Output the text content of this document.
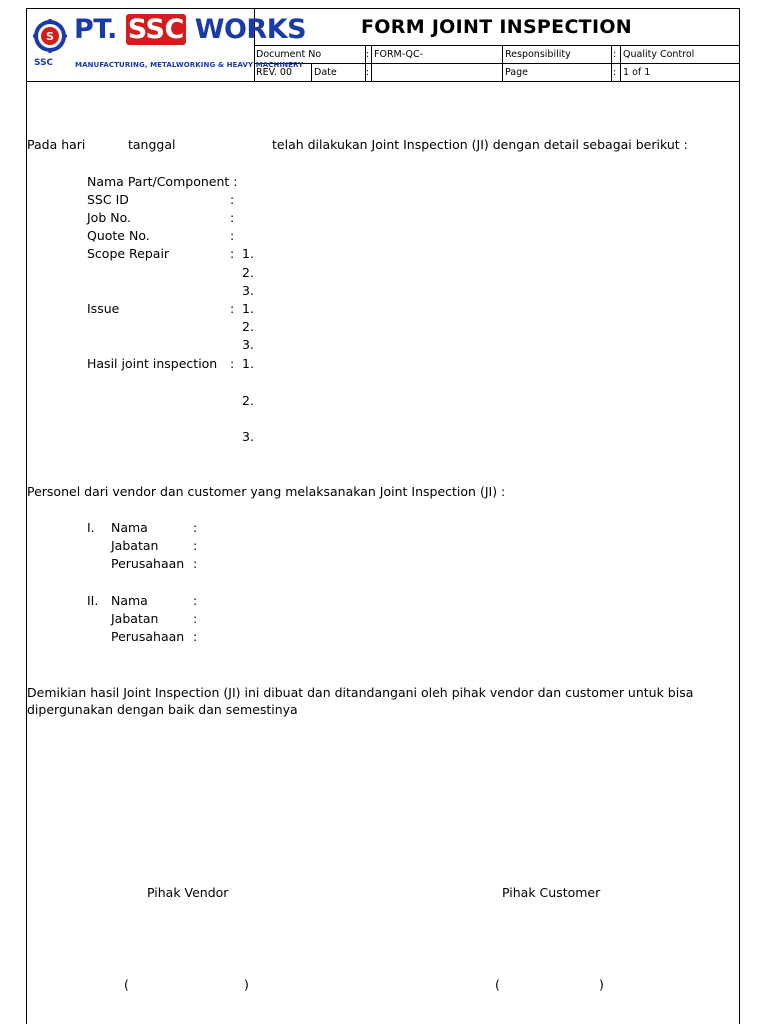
S
SSC
PT. SSC WORKS
MANUFACTURING, METALWORKING & HEAVY MACHINERY
FORM JOINT INSPECTION
Document No	: FORM-QC-	Responsibility	: Quality Control
REV. 00 Date	:	Page	: 1 of 1
Pada hari	tanggal	telah dilakukan Joint Inspection (JI) dengan detail sebagai berikut :
Nama Part/Component :
SSC ID	:
Job No.	:
Quote No.	:
Scope Repair	: 1.
2.
3.
Issue	: 1.
2.
3.
Hasil joint inspection : 1.
2.
3.
Personel dari vendor dan customer yang melaksanakan Joint Inspection (JI) :
I. Nama	:
Jabatan	:
Perusahaan :
II. Nama	:
Jabatan	:
Perusahaan :
Demikian hasil Joint Inspection (JI) ini dibuat dan ditandangani oleh pihak vendor dan customer untuk bisa
dipergunakan dengan baik dan semestinya
Pihak Vendor	Pihak Customer
(	)	(	)
